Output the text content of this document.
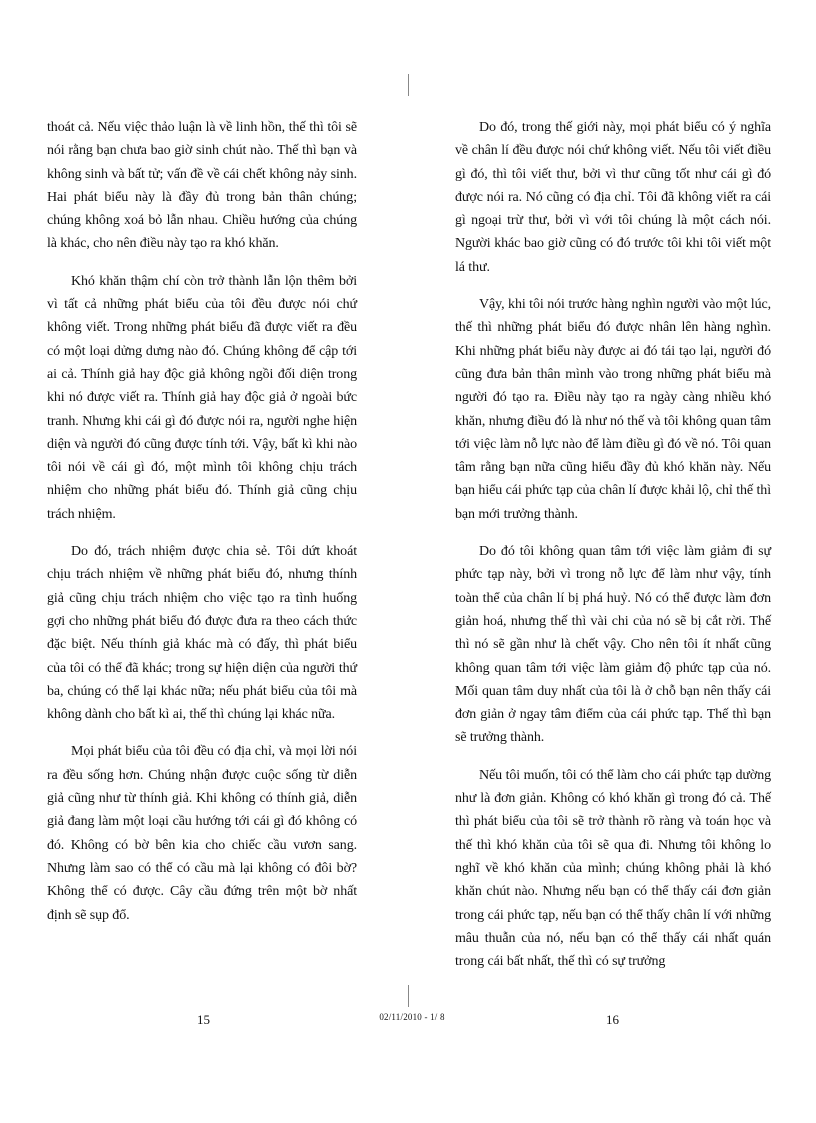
thoát cả. Nếu việc thảo luận là về linh hồn, thế thì tôi sẽ nói rằng bạn chưa bao giờ sinh chút nào. Thế thì bạn và không sinh và bất tử; vấn đề về cái chết không nảy sinh. Hai phát biểu này là đầy đủ trong bản thân chúng; chúng không xoá bỏ lẫn nhau. Chiều hướng của chúng là khác, cho nên điều này tạo ra khó khăn.

Khó khăn thậm chí còn trở thành lẫn lộn thêm bởi vì tất cả những phát biểu của tôi đều được nói chứ không viết. Trong những phát biểu đã được viết ra đều có một loại dửng dưng nào đó. Chúng không để cập tới ai cả. Thính giả hay độc giả không ngồi đối diện trong khi nó được viết ra. Thính giả hay độc giả ở ngoài bức tranh. Nhưng khi cái gì đó được nói ra, người nghe hiện diện và người đó cũng được tính tới. Vậy, bất kì khi nào tôi nói về cái gì đó, một mình tôi không chịu trách nhiệm cho những phát biểu đó. Thính giả cũng chịu trách nhiệm.

Do đó, trách nhiệm được chia sẻ. Tôi dứt khoát chịu trách nhiệm về những phát biểu đó, nhưng thính giả cũng chịu trách nhiệm cho việc tạo ra tình huống gợi cho những phát biểu đó được đưa ra theo cách thức đặc biệt. Nếu thính giả khác mà có đấy, thì phát biểu của tôi có thể đã khác; trong sự hiện diện của người thứ ba, chúng có thể lại khác nữa; nếu phát biểu của tôi mà không dành cho bất kì ai, thế thì chúng lại khác nữa.

Mọi phát biểu của tôi đều có địa chỉ, và mọi lời nói ra đều sống hơn. Chúng nhận được cuộc sống từ diễn giả cũng như từ thính giả. Khi không có thính giả, diễn giả đang làm một loại cầu hướng tới cái gì đó không có đó. Không có bờ bên kia cho chiếc cầu vươn sang. Nhưng làm sao có thể có cầu mà lại không có đôi bờ? Không thể có được. Cây cầu đứng trên một bờ nhất định sẽ sụp đổ.

Do đó, trong thế giới này, mọi phát biểu có ý nghĩa về chân lí đều được nói chứ không viết. Nếu tôi viết điều gì đó, thì tôi viết thư, bởi vì thư cũng tốt như cái gì đó được nói ra. Nó cũng có địa chỉ. Tôi đã không viết ra cái gì ngoại trừ thư, bởi vì với tôi chúng là một cách nói. Người khác bao giờ cũng có đó trước tôi khi tôi viết một lá thư.

Vậy, khi tôi nói trước hàng nghìn người vào một lúc, thế thì những phát biểu đó được nhân lên hàng nghìn. Khi những phát biểu này được ai đó tái tạo lại, người đó cũng đưa bản thân mình vào trong những phát biểu mà người đó tạo ra. Điều này tạo ra ngày càng nhiều khó khăn, nhưng điều đó là như nó thế và tôi không quan tâm tới việc làm nỗ lực nào để làm điều gì đó về nó. Tôi quan tâm rằng bạn nữa cũng hiểu đầy đủ khó khăn này. Nếu bạn hiểu cái phức tạp của chân lí được khải lộ, chỉ thế thì bạn mới trưởng thành.

Do đó tôi không quan tâm tới việc làm giảm đi sự phức tạp này, bởi vì trong nỗ lực để làm như vậy, tính toàn thể của chân lí bị phá huỷ. Nó có thể được làm đơn giản hoá, nhưng thế thì vài chi của nó sẽ bị cắt rời. Thế thì nó sẽ gần như là chết vậy. Cho nên tôi ít nhất cũng không quan tâm tới việc làm giảm độ phức tạp của nó. Mối quan tâm duy nhất của tôi là ở chỗ bạn nên thấy cái đơn giản ở ngay tâm điểm của cái phức tạp. Thế thì bạn sẽ trưởng thành.

Nếu tôi muốn, tôi có thể làm cho cái phức tạp dường như là đơn giản. Không có khó khăn gì trong đó cả. Thế thì phát biểu của tôi sẽ trở thành rõ ràng và toán học và thế thì khó khăn của tôi sẽ qua đi. Nhưng tôi không lo nghĩ về khó khăn của mình; chúng không phải là khó khăn chút nào. Nhưng nếu bạn có thể thấy cái đơn giản trong cái phức tạp, nếu bạn có thể thấy chân lí với những mâu thuẫn của nó, nếu bạn có thể thấy cái nhất quán trong cái bất nhất, thế thì có sự trưởng

15	02/11/2010 - 1/ 8	16
